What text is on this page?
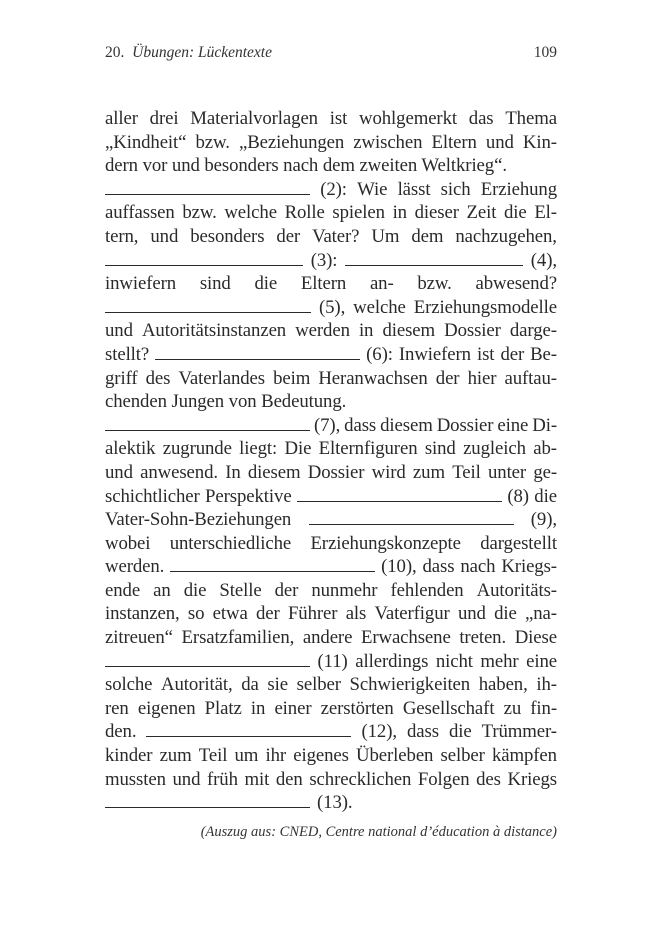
20. Übungen: Lückentexte	109
aller drei Materialvorlagen ist wohlgemerkt das Thema
„Kindheit“ bzw. „Beziehungen zwischen Eltern und Kin-
dern vor und besonders nach dem zweiten Weltkrieg“.
(2): Wie lässt sich Erziehung
auffassen bzw. welche Rolle spielen in dieser Zeit die El-
tern, und besonders der Vater? Um dem nachzugehen,
(3):	(4),
inwiefern sind die Eltern an- bzw. abwesend?
(5), welche Erziehungsmodelle
und Autoritätsinstanzen werden in diesem Dossier darge-
stellt?	(6): Inwiefern ist der Be-
griff des Vaterlandes beim Heranwachsen der hier auftau-
chenden Jungen von Bedeutung.
(7), dass diesem Dossier eine Di-
alektik zugrunde liegt: Die Elternfiguren sind zugleich ab-
und anwesend. In diesem Dossier wird zum Teil unter ge-
schichtlicher Perspektive	(8) die
Vater-Sohn-Beziehungen	(9),
wobei unterschiedliche Erziehungskonzepte dargestellt
werden.	(10), dass nach Kriegs-
ende an die Stelle der nunmehr fehlenden Autoritäts-
instanzen, so etwa der Führer als Vaterfigur und die „na-
zitreuen“ Ersatzfamilien, andere Erwachsene treten. Diese
(11) allerdings nicht mehr eine
solche Autorität, da sie selber Schwierigkeiten haben, ih-
ren eigenen Platz in einer zerstörten Gesellschaft zu fin-
den.	(12), dass die Trümmer-
kinder zum Teil um ihr eigenes Überleben selber kämpfen
mussten und früh mit den schrecklichen Folgen des Kriegs
(13).
(Auszug aus: CNED, Centre national d’éducation à distance)
